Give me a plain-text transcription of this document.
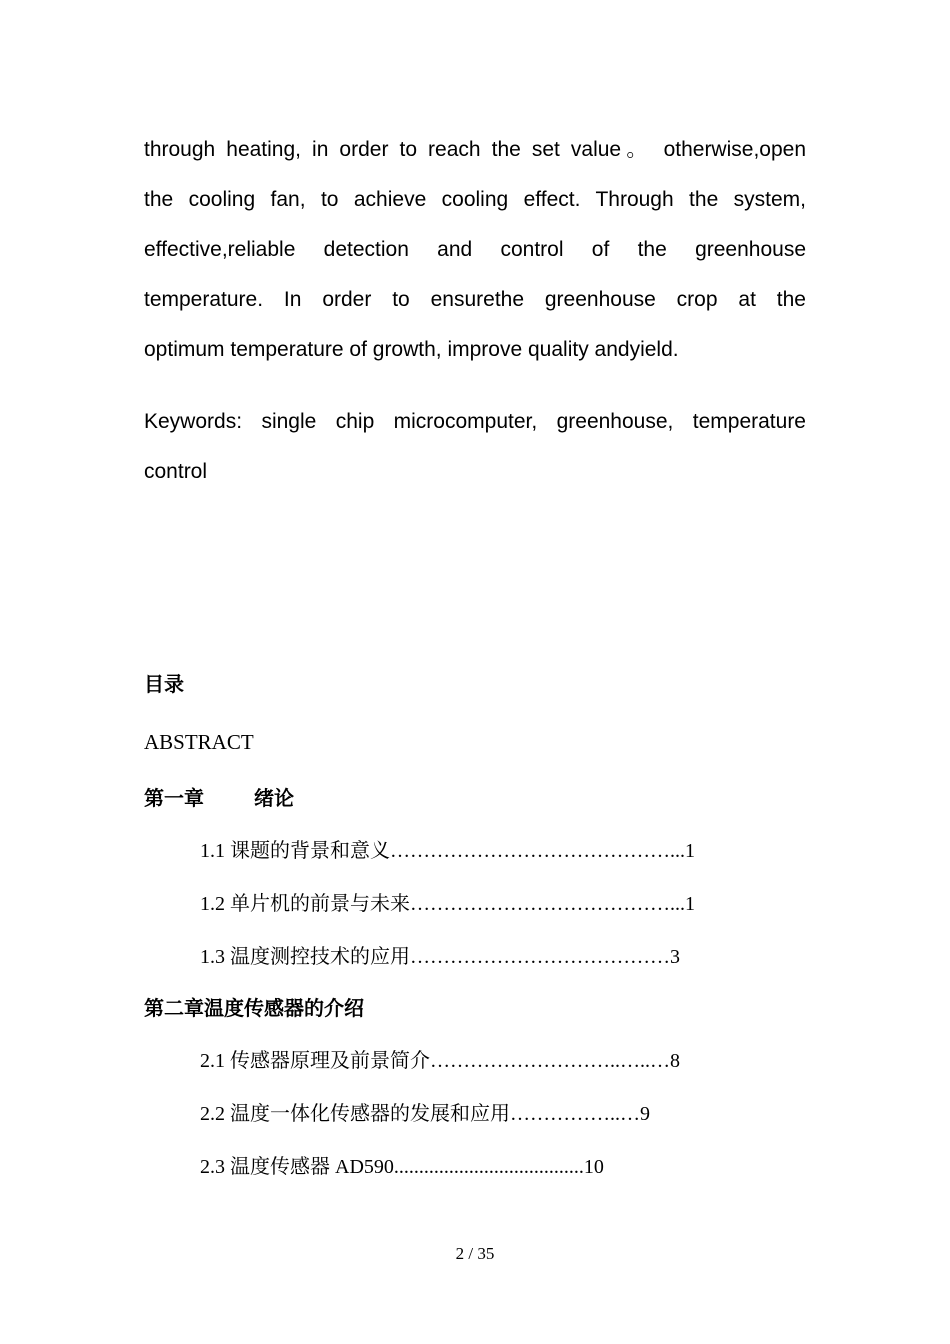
through heating, in order to reach the set value。 otherwise,open
the cooling fan, to achieve cooling effect. Through the system,
effective,reliable detection and control of the greenhouse
temperature. In order to ensurethe greenhouse crop at the
optimum temperature of growth, improve quality andyield.
Keywords: single chip microcomputer, greenhouse, temperature
control

目录

ABSTRACT

第一章	绪论

1.1 课题的背景和意义……………………………………...1

1.2 单片机的前景与未来…………………………………...1

1.3 温度测控技术的应用…………………………………3

第二章温度传感器的介绍

2.1 传感器原理及前景简介………………………..…..…8

2.2 温度一体化传感器的发展和应用……………..…9

2.3 温度传感器 AD590......................................10

2 / 35
